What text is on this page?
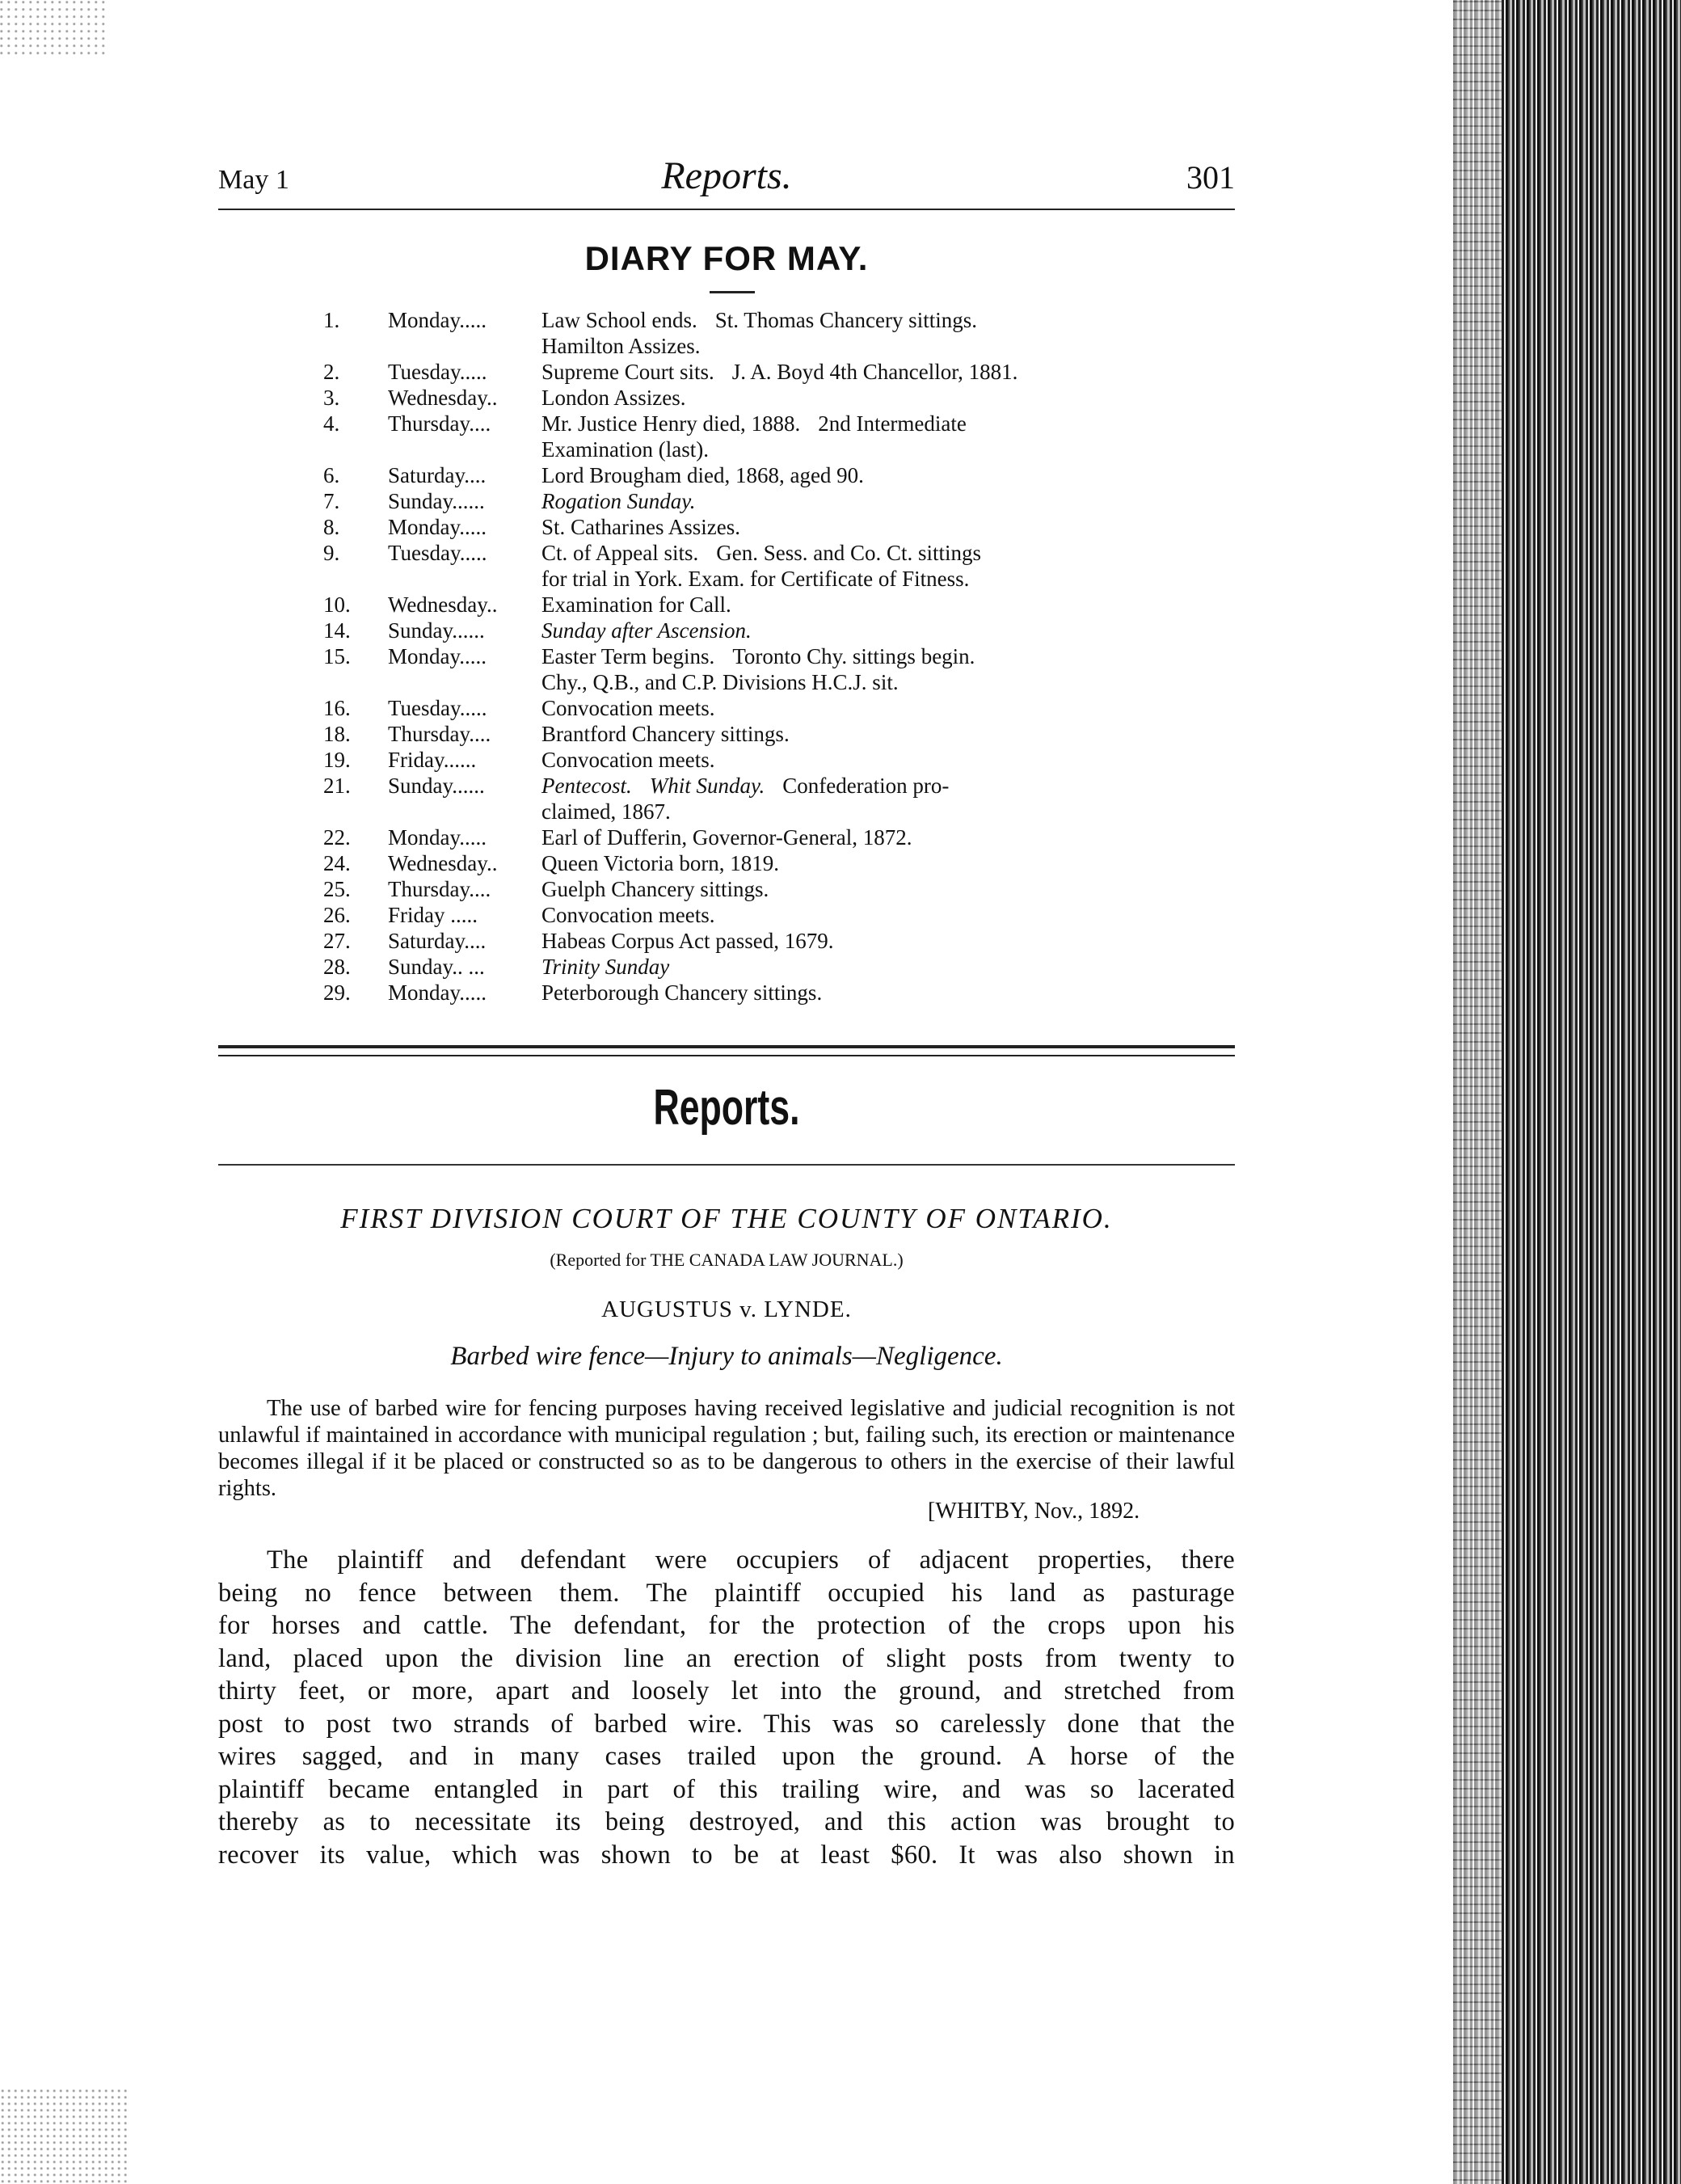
May 1	Reports.	301
DIARY FOR MAY.
1.	Monday.....	Law School ends. St. Thomas Chancery sittings.
Hamilton Assizes.
2.	Tuesday.....	Supreme Court sits. J. A. Boyd 4th Chancellor, 1881.
3.	Wednesday..	London Assizes.
4.	Thursday....	Mr. Justice Henry died, 1888. 2nd Intermediate
Examination (last).
6.	Saturday....	Lord Brougham died, 1868, aged 90.
7.	Sunday......	Rogation Sunday.
8.	Monday.....	St. Catharines Assizes.
9.	Tuesday.....	Ct. of Appeal sits. Gen. Sess. and Co. Ct. sittings
for trial in York. Exam. for Certificate of Fitness.
10.	Wednesday..	Examination for Call.
14.	Sunday......	Sunday after Ascension.
15.	Monday.....	Easter Term begins. Toronto Chy. sittings begin.
Chy., Q.B., and C.P. Divisions H.C.J. sit.
16.	Tuesday.....	Convocation meets.
18.	Thursday....	Brantford Chancery sittings.
19.	Friday......	Convocation meets.
21.	Sunday......	Pentecost. Whit Sunday. Confederation pro-
claimed, 1867.
22.	Monday.....	Earl of Dufferin, Governor-General, 1872.
24.	Wednesday..	Queen Victoria born, 1819.
25.	Thursday....	Guelph Chancery sittings.
26.	Friday .....	Convocation meets.
27.	Saturday....	Habeas Corpus Act passed, 1679.
28.	Sunday.. ...	Trinity Sunday
29.	Monday.....	Peterborough Chancery sittings.
Reports.
FIRST DIVISION COURT OF THE COUNTY OF ONTARIO.
(Reported for THE CANADA LAW JOURNAL.)
AUGUSTUS v. LYNDE.
Barbed wire fence—Injury to animals—Negligence.
The use of barbed wire for fencing purposes having received legislative and judicial recognition is not unlawful if maintained in accordance with municipal regulation ; but, failing such, its erection or maintenance becomes illegal if it be placed or constructed so as to be dangerous to others in the exercise of their lawful rights.
[WHITBY, Nov., 1892.
The plaintiff and defendant were occupiers of adjacent properties, there
being no fence between them. The plaintiff occupied his land as pasturage
for horses and cattle. The defendant, for the protection of the crops upon his
land, placed upon the division line an erection of slight posts from twenty to
thirty feet, or more, apart and loosely let into the ground, and stretched from
post to post two strands of barbed wire. This was so carelessly done that the
wires sagged, and in many cases trailed upon the ground. A horse of the
plaintiff became entangled in part of this trailing wire, and was so lacerated
thereby as to necessitate its being destroyed, and this action was brought to
recover its value, which was shown to be at least $60. It was also shown in
